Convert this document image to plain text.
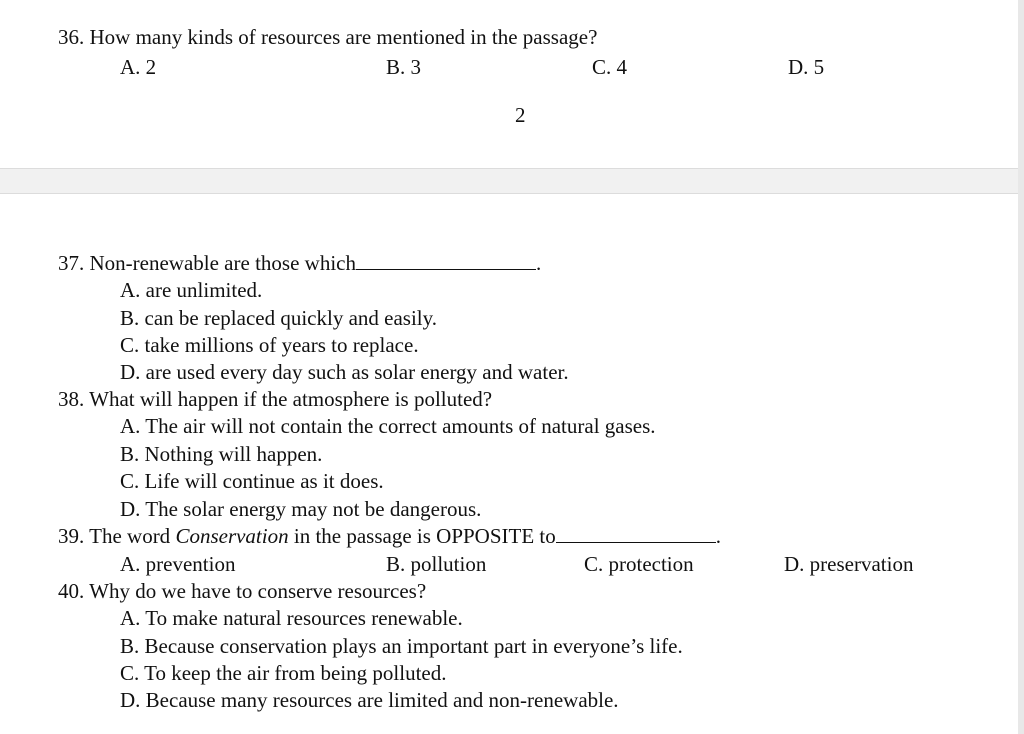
36. How many kinds of resources are mentioned in the passage?
A. 2	B. 3	C. 4	D. 5
2
37. Non-renewable are those which	.
A. are unlimited.
B. can be replaced quickly and easily.
C. take millions of years to replace.
D. are used every day such as solar energy and water.
38. What will happen if the atmosphere is polluted?
A. The air will not contain the correct amounts of natural gases.
B. Nothing will happen.
C. Life will continue as it does.
D. The solar energy may not be dangerous.
39. The word Conservation in the passage is OPPOSITE to	.
A. prevention	B. pollution	C. protection	D. preservation
40. Why do we have to conserve resources?
A. To make natural resources renewable.
B. Because conservation plays an important part in everyone’s life.
C. To keep the air from being polluted.
D. Because many resources are limited and non-renewable.
